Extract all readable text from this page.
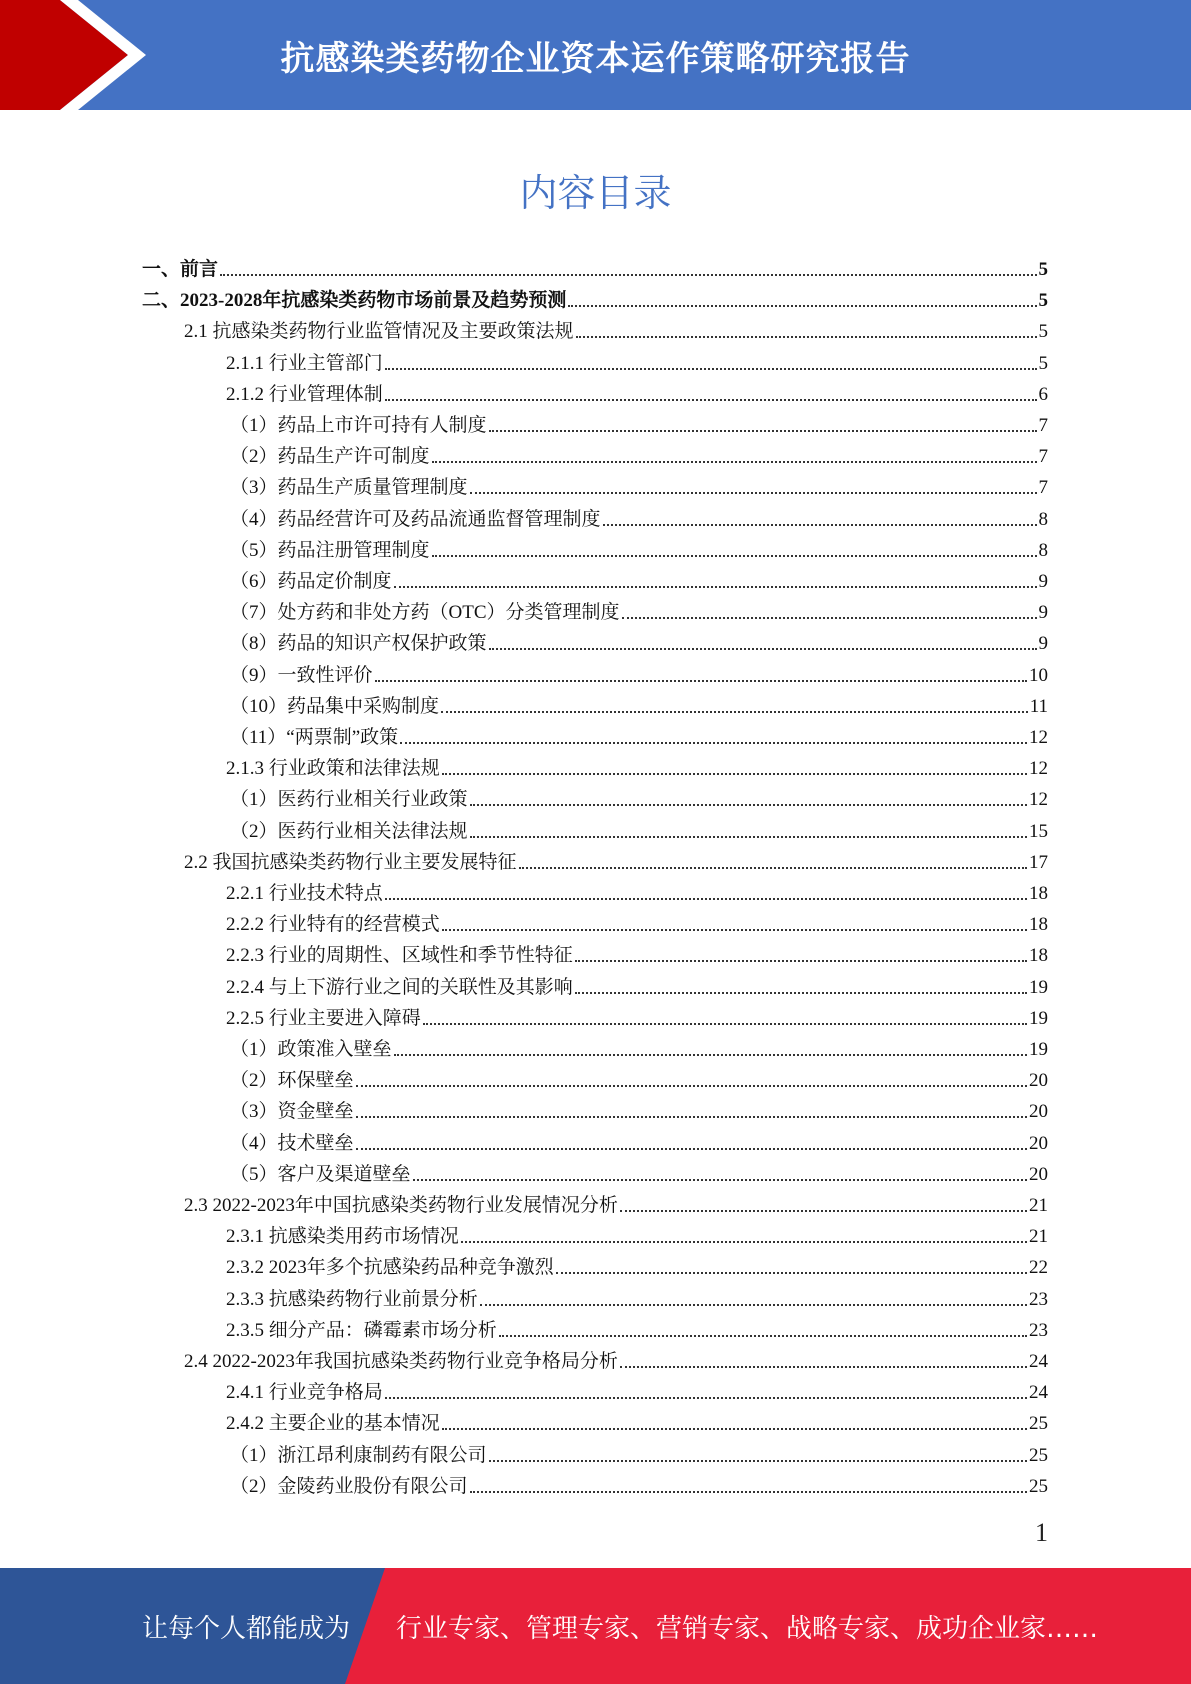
抗感染类药物企业资本运作策略研究报告
内容目录
一、前言	5
二、2023-2028年抗感染类药物市场前景及趋势预测	5
2.1 抗感染类药物行业监管情况及主要政策法规	5
2.1.1 行业主管部门	5
2.1.2 行业管理体制	6
（1）药品上市许可持有人制度	7
（2）药品生产许可制度	7
（3）药品生产质量管理制度	7
（4）药品经营许可及药品流通监督管理制度	8
（5）药品注册管理制度	8
（6）药品定价制度	9
（7）处方药和非处方药（OTC）分类管理制度	9
（8）药品的知识产权保护政策	9
（9）一致性评价	10
（10）药品集中采购制度	11
（11）“两票制”政策	12
2.1.3 行业政策和法律法规	12
（1）医药行业相关行业政策	12
（2）医药行业相关法律法规	15
2.2 我国抗感染类药物行业主要发展特征	17
2.2.1 行业技术特点	18
2.2.2 行业特有的经营模式	18
2.2.3 行业的周期性、区域性和季节性特征	18
2.2.4 与上下游行业之间的关联性及其影响	19
2.2.5 行业主要进入障碍	19
（1）政策准入壁垒	19
（2）环保壁垒	20
（3）资金壁垒	20
（4）技术壁垒	20
（5）客户及渠道壁垒	20
2.3 2022-2023年中国抗感染类药物行业发展情况分析	21
2.3.1 抗感染类用药市场情况	21
2.3.2 2023年多个抗感染药品种竞争激烈	22
2.3.3 抗感染药物行业前景分析	23
2.3.5 细分产品：磷霉素市场分析	23
2.4 2022-2023年我国抗感染类药物行业竞争格局分析	24
2.4.1 行业竞争格局	24
2.4.2 主要企业的基本情况	25
（1）浙江昂利康制药有限公司	25
（2）金陵药业股份有限公司	25
1
让每个人都能成为 行业专家、管理专家、营销专家、战略专家、成功企业家……
